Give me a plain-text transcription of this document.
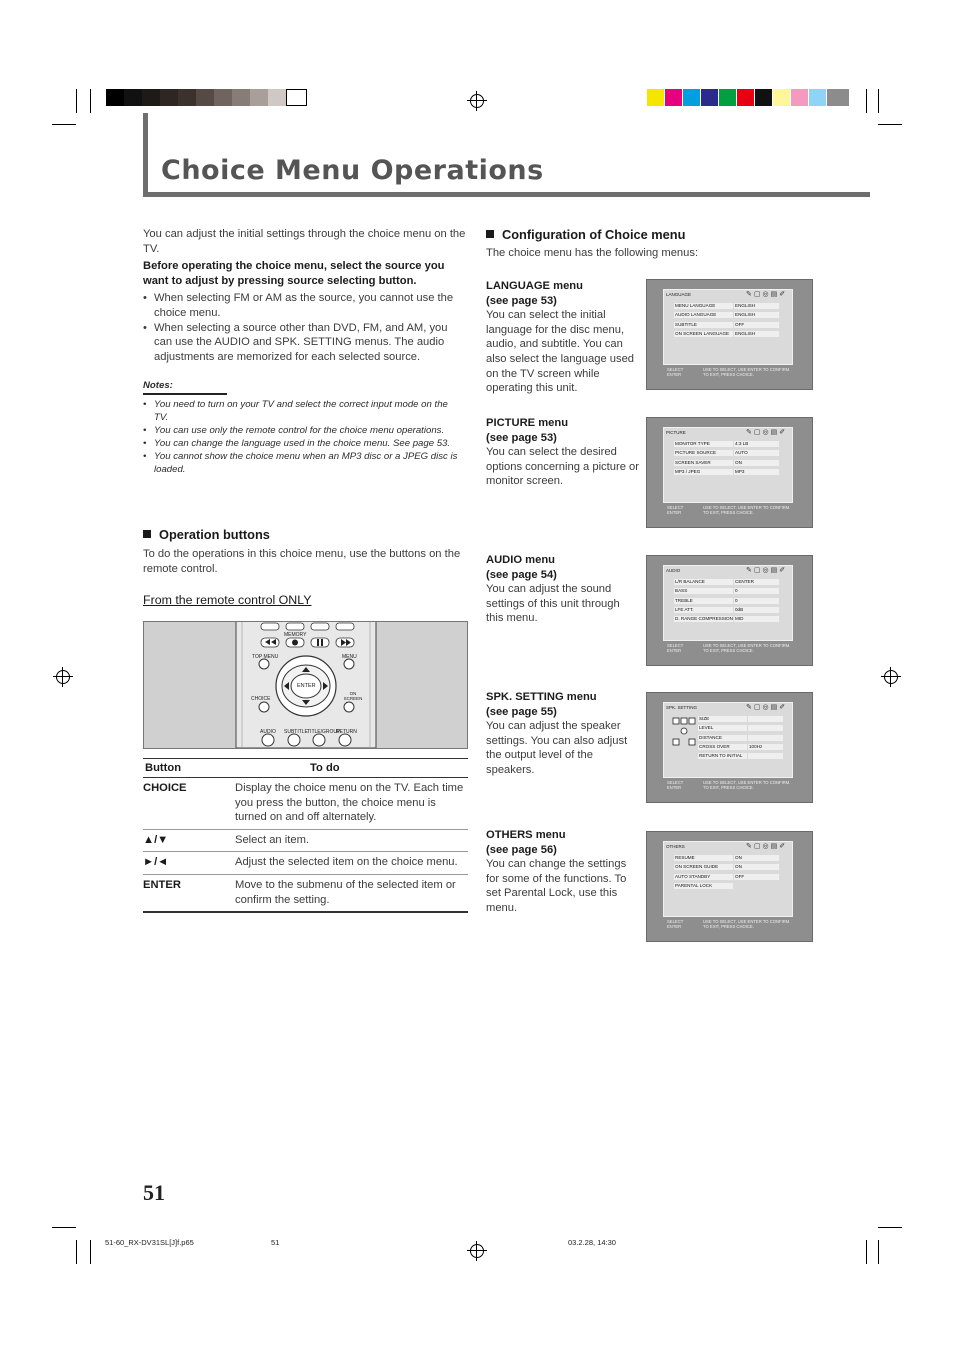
Choice Menu Operations
You can adjust the initial settings through the choice menu on the TV.
Before operating the choice menu, select the source you want to adjust by pressing source selecting button.
• When selecting FM or AM as the source, you cannot use the choice menu.
• When selecting a source other than DVD, FM, and AM, you can use the AUDIO and SPK. SETTING menus. The audio adjustments are memorized for each selected source.
Notes:
• You need to turn on your TV and select the correct input mode on the TV.
• You can use only the remote control for the choice menu operations.
• You can change the language used in the choice menu. See page 53.
• You cannot show the choice menu when an MP3 disc or a JPEG disc is loaded.
Operation buttons
To do the operations in this choice menu, use the buttons on the remote control.
From the remote control ONLY
MEMORY
TOP MENU	MENU
ENTER
CHOICE
ON SCREEN
AUDIO SUBTITLE TITLE/GROUP
RETURN
Button	To do
CHOICE	Display the choice menu on the TV. Each time you press the button, the choice menu is turned on and off alternately.
▲/▼	Select an item.
►/◄	Adjust the selected item on the choice menu.
ENTER	Move to the submenu of the selected item or confirm the setting.
Configuration of Choice menu
The choice menu has the following menus:
LANGUAGE menu
(see page 53)
You can select the initial language for the disc menu, audio, and subtitle. You can also select the language used on the TV screen while operating this unit.
PICTURE menu
(see page 53)
You can select the desired options concerning a picture or monitor screen.
AUDIO menu
(see page 54)
You can adjust the sound settings of this unit through this menu.
SPK. SETTING menu
(see page 55)
You can adjust the speaker settings. You can also adjust the output level of the speakers.
OTHERS menu
(see page 56)
You can change the settings for some of the functions. To set Parental Lock, use this menu.
LANGUAGE	✎▢◎▤✐
MENU LANGUAGE	ENGLISH
AUDIO LANGUAGE	ENGLISH
SUBTITLE	OFF
ON SCREEN LANGUAGE	ENGLISH
SELECT
ENTER
USE TO SELECT, USE ENTER TO CONFIRM.
TO EXIT, PRESS CHOICE.
PICTURE	✎▢◎▤✐
MONITOR TYPE	4:3 LB
PICTURE SOURCE	AUTO
SCREEN SAVER	ON
MP3 / JPEG	MP3
SELECT
ENTER
USE TO SELECT, USE ENTER TO CONFIRM.
TO EXIT, PRESS CHOICE.
AUDIO	✎▢◎▤✐
L/R BALANCE	CENTER
BASS	0
TREBLE	0
LFE ATT.	0dB
D. RANGE COMPRESSION MID
SELECT
ENTER
USE TO SELECT, USE ENTER TO CONFIRM.
TO EXIT, PRESS CHOICE.
SPK. SETTING	✎▢◎▤✐
SIZE
LEVEL
DISTANCE
CROSS OVER	100Hz
RETURN TO INITIAL
SELECT
ENTER
USE TO SELECT, USE ENTER TO CONFIRM.
TO EXIT, PRESS CHOICE.
OTHERS	✎▢◎▤✐
RESUME	ON
ON SCREEN GUIDE	ON
AUTO STANDBY	OFF
PARENTAL LOCK
SELECT
ENTER
USE TO SELECT, USE ENTER TO CONFIRM.
TO EXIT, PRESS CHOICE.
51
51-60_RX-DV31SL[J]f.p65	51	03.2.28, 14:30
